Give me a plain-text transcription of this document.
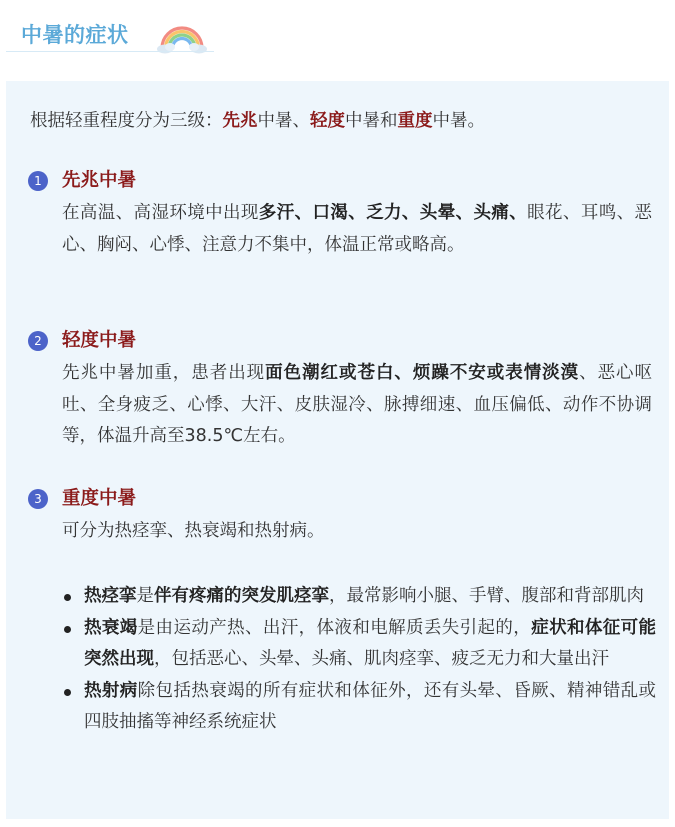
中暑的症状
根据轻重程度分为三级：先兆中暑、轻度中暑和重度中暑。
1	先兆中暑
在高温、高湿环境中出现多汗、口渴、乏力、头晕、头痛、眼花、耳鸣、恶心、胸闷、心悸、注意力不集中，体温正常或略高。
2	轻度中暑
先兆中暑加重，患者出现面色潮红或苍白、烦躁不安或表情淡漠、恶心呕吐、全身疲乏、心悸、大汗、皮肤湿冷、脉搏细速、血压偏低、动作不协调等，体温升高至38.5℃左右。
3	重度中暑
可分为热痉挛、热衰竭和热射病。
热痉挛是伴有疼痛的突发肌痉挛，最常影响小腿、手臂、腹部和背部肌肉
热衰竭是由运动产热、出汗，体液和电解质丢失引起的，症状和体征可能突然出现，包括恶心、头晕、头痛、肌肉痉挛、疲乏无力和大量出汗
热射病除包括热衰竭的所有症状和体征外，还有头晕、昏厥、精神错乱或四肢抽搐等神经系统症状
